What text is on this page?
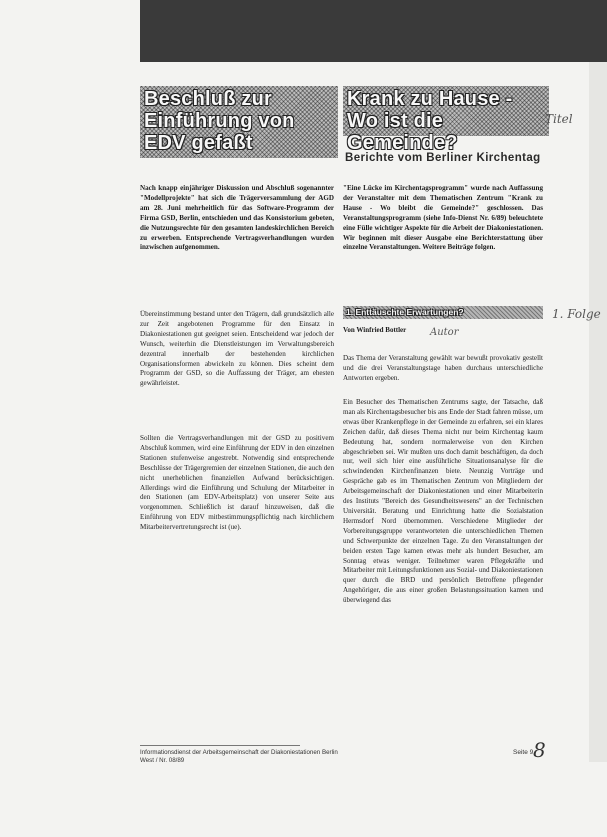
Beschluß zur Einführung von EDV gefaßt

Nach knapp einjähriger Diskussion und Abschluß sogenannter "Modellprojekte" hat sich die Trägerversammlung der AGD am 28. Juni mehrheitlich für das Software-Programm der Firma GSD, Berlin, entschieden und das Konsistorium gebeten, die Nutzungsrechte für den gesamten landeskirchlichen Bereich zu erwerben. Entsprechende Vertragsverhandlungen wurden inzwischen aufgenommen.

Übereinstimmung bestand unter den Trägern, daß grundsätzlich alle zur Zeit angebotenen Programme für den Einsatz in Diakoniestationen gut geeignet seien. Entscheidend war jedoch der Wunsch, weiterhin die Dienstleistungen im Verwaltungsbereich dezentral innerhalb der bestehenden kirchlichen Organisationsformen abwickeln zu können. Dies scheint dem Programm der GSD, so die Auffassung der Träger, am ehesten gewährleistet.

Sollten die Vertragsverhandlungen mit der GSD zu positivem Abschluß kommen, wird eine Einführung der EDV in den einzelnen Stationen stufenweise angestrebt. Notwendig sind entsprechende Beschlüsse der Trägergremien der einzelnen Stationen, die auch den nicht unerheblichen finanziellen Aufwand berücksichtigen. Allerdings wird die Einführung und Schulung der Mitarbeiter in den Stationen (am EDV-Arbeitsplatz) von unserer Seite aus vorgenommen. Schließlich ist darauf hinzuweisen, daß die Einführung von EDV mitbestimmungspflichtig nach kirchlichem Mitarbeitervertretungsrecht ist (ue).

Krank zu Hause - Wo ist die Gemeinde?
Berichte vom Berliner Kirchentag

"Eine Lücke im Kirchentagsprogramm" wurde nach Auffassung der Veranstalter mit dem Thematischen Zentrum "Krank zu Hause - Wo bleibt die Gemeinde?" geschlossen. Das Veranstaltungsprogramm (siehe Info-Dienst Nr. 6/89) beleuchtete eine Fülle wichtiger Aspekte für die Arbeit der Diakoniestationen. Wir beginnen mit dieser Ausgabe eine Berichterstattung über einzelne Veranstaltungen. Weitere Beiträge folgen.

1. Enttäuschte Erwartungen?

Von Winfried Bottler

Das Thema der Veranstaltung gewählt war bewußt provokativ gestellt und die drei Veranstaltungstage haben durchaus unterschiedliche Antworten ergeben.

Ein Besucher des Thematischen Zentrums sagte, der Tatsache, daß man als Kirchentagsbesucher bis ans Ende der Stadt fahren müsse, um etwas über Krankenpflege in der Gemeinde zu erfahren, sei ein klares Zeichen dafür, daß dieses Thema nicht nur beim Kirchentag kaum Bedeutung hat, sondern normalerweise von den Kirchen abgeschrieben sei. Wir mußten uns doch damit beschäftigen, da doch nur, weil sich hier eine ausführliche Situationsanalyse für die schwindenden Kirchenfinanzen biete. Neunzig Vorträge und Gespräche gab es im Thematischen Zentrum von Mitgliedern der Arbeitsgemeinschaft der Diakoniestationen und einer Mitarbeiterin des Instituts "Bereich des Gesundheitswesens" an der Technischen Universität. Beratung und Einrichtung hatte die Sozialstation Hermsdorf Nord übernommen. Verschiedene Mitglieder der Vorbereitungsgruppe verantworteten die unterschiedlichen Themen und Schwerpunkte der einzelnen Tage. Zu den Veranstaltungen der beiden ersten Tage kamen etwas mehr als hundert Besucher, am Sonntag etwas weniger. Teilnehmer waren Pflegekräfte und Mitarbeiter mit Leitungsfunktionen aus Sozial- und Diakoniestationen quer durch die BRD und persönlich Betroffene pflegender Angehöriger, die aus einer großen Belastungssituation kamen und überwiegend das

Titel
1. Folge
Autor
Informationsdienst der Arbeitsgemeinschaft der Diakoniestationen Berlin West / Nr. 08/89
Seite 9 8
